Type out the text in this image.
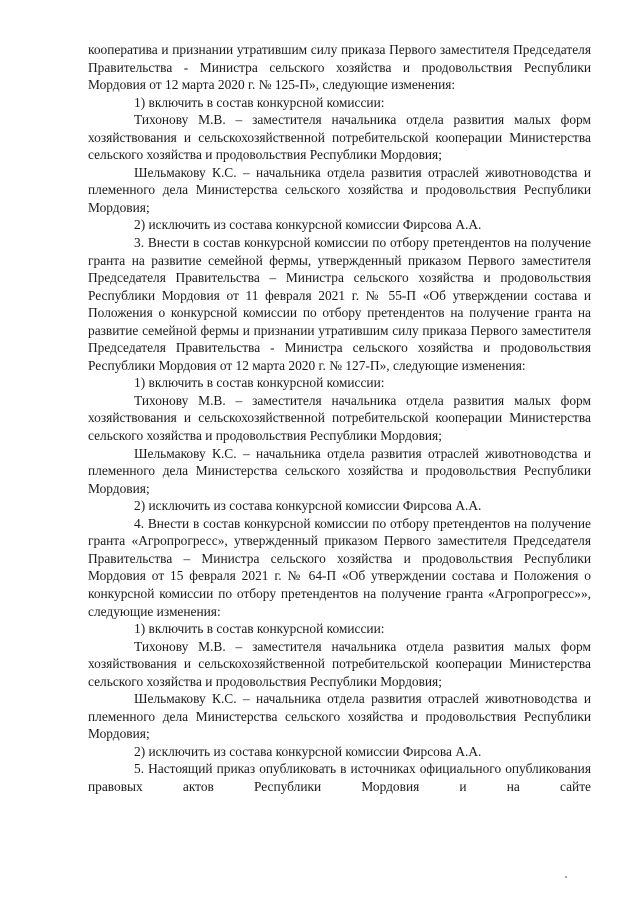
кооператива и признании утратившим силу приказа Первого заместителя Председателя Правительства - Министра сельского хозяйства и продовольствия Республики Мордовия от 12 марта 2020 г. № 125-П», следующие изменения:

1) включить в состав конкурсной комиссии:

Тихонову М.В. – заместителя начальника отдела развития малых форм хозяйствования и сельскохозяйственной потребительской кооперации Министерства сельского хозяйства и продовольствия Республики Мордовия;

Шельмакову К.С. – начальника отдела развития отраслей животноводства и племенного дела Министерства сельского хозяйства и продовольствия Республики Мордовия;

2) исключить из состава конкурсной комиссии Фирсова А.А.

3. Внести в состав конкурсной комиссии по отбору претендентов на получение гранта на развитие семейной фермы, утвержденный приказом Первого заместителя Председателя Правительства – Министра сельского хозяйства и продовольствия Республики Мордовия от 11 февраля 2021 г. № 55-П «Об утверждении состава и Положения о конкурсной комиссии по отбору претендентов на получение гранта на развитие семейной фермы и признании утратившим силу приказа Первого заместителя Председателя Правительства - Министра сельского хозяйства и продовольствия Республики Мордовия от 12 марта 2020 г. № 127-П», следующие изменения:

1) включить в состав конкурсной комиссии:

Тихонову М.В. – заместителя начальника отдела развития малых форм хозяйствования и сельскохозяйственной потребительской кооперации Министерства сельского хозяйства и продовольствия Республики Мордовия;

Шельмакову К.С. – начальника отдела развития отраслей животноводства и племенного дела Министерства сельского хозяйства и продовольствия Республики Мордовия;

2) исключить из состава конкурсной комиссии Фирсова А.А.

4. Внести в состав конкурсной комиссии по отбору претендентов на получение гранта «Агропрогресс», утвержденный приказом Первого заместителя Председателя Правительства – Министра сельского хозяйства и продовольствия Республики Мордовия от 15 февраля 2021 г. № 64-П «Об утверждении состава и Положения о конкурсной комиссии по отбору претендентов на получение гранта «Агропрогресс»», следующие изменения:

1) включить в состав конкурсной комиссии:

Тихонову М.В. – заместителя начальника отдела развития малых форм хозяйствования и сельскохозяйственной потребительской кооперации Министерства сельского хозяйства и продовольствия Республики Мордовия;

Шельмакову К.С. – начальника отдела развития отраслей животноводства и племенного дела Министерства сельского хозяйства и продовольствия Республики Мордовия;

2) исключить из состава конкурсной комиссии Фирсова А.А.

5. Настоящий приказ опубликовать в источниках официального опубликования правовых актов Республики Мордовия и на сайте
